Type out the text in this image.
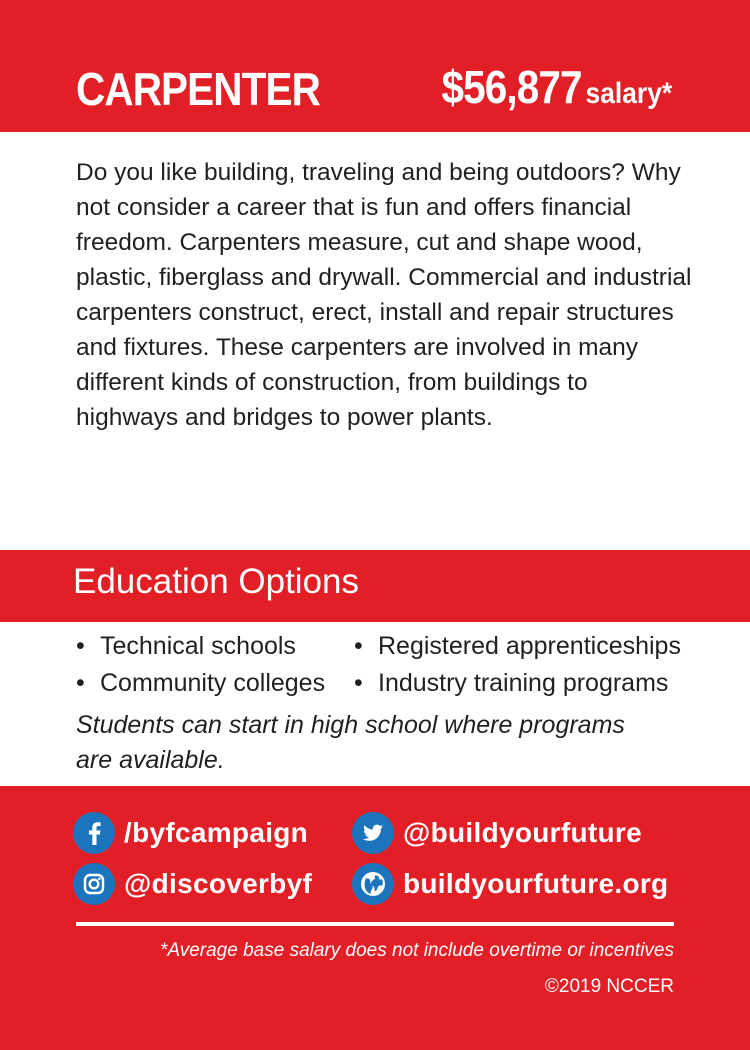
CARPENTER	$56,877 salary*

Do you like building, traveling and being outdoors? Why not consider a career that is fun and offers financial freedom. Carpenters measure, cut and shape wood, plastic, fiberglass and drywall. Commercial and industrial carpenters construct, erect, install and repair structures and fixtures. These carpenters are involved in many different kinds of construction, from buildings to highways and bridges to power plants.

Education Options
• Technical schools • Registered apprenticeships
• Community colleges • Industry training programs

Students can start in high school where programs are available.

/byfcampaign	@buildyourfuture
@discoverbyf	buildyourfuture.org
*Average base salary does not include overtime or incentives
©2019 NCCER
